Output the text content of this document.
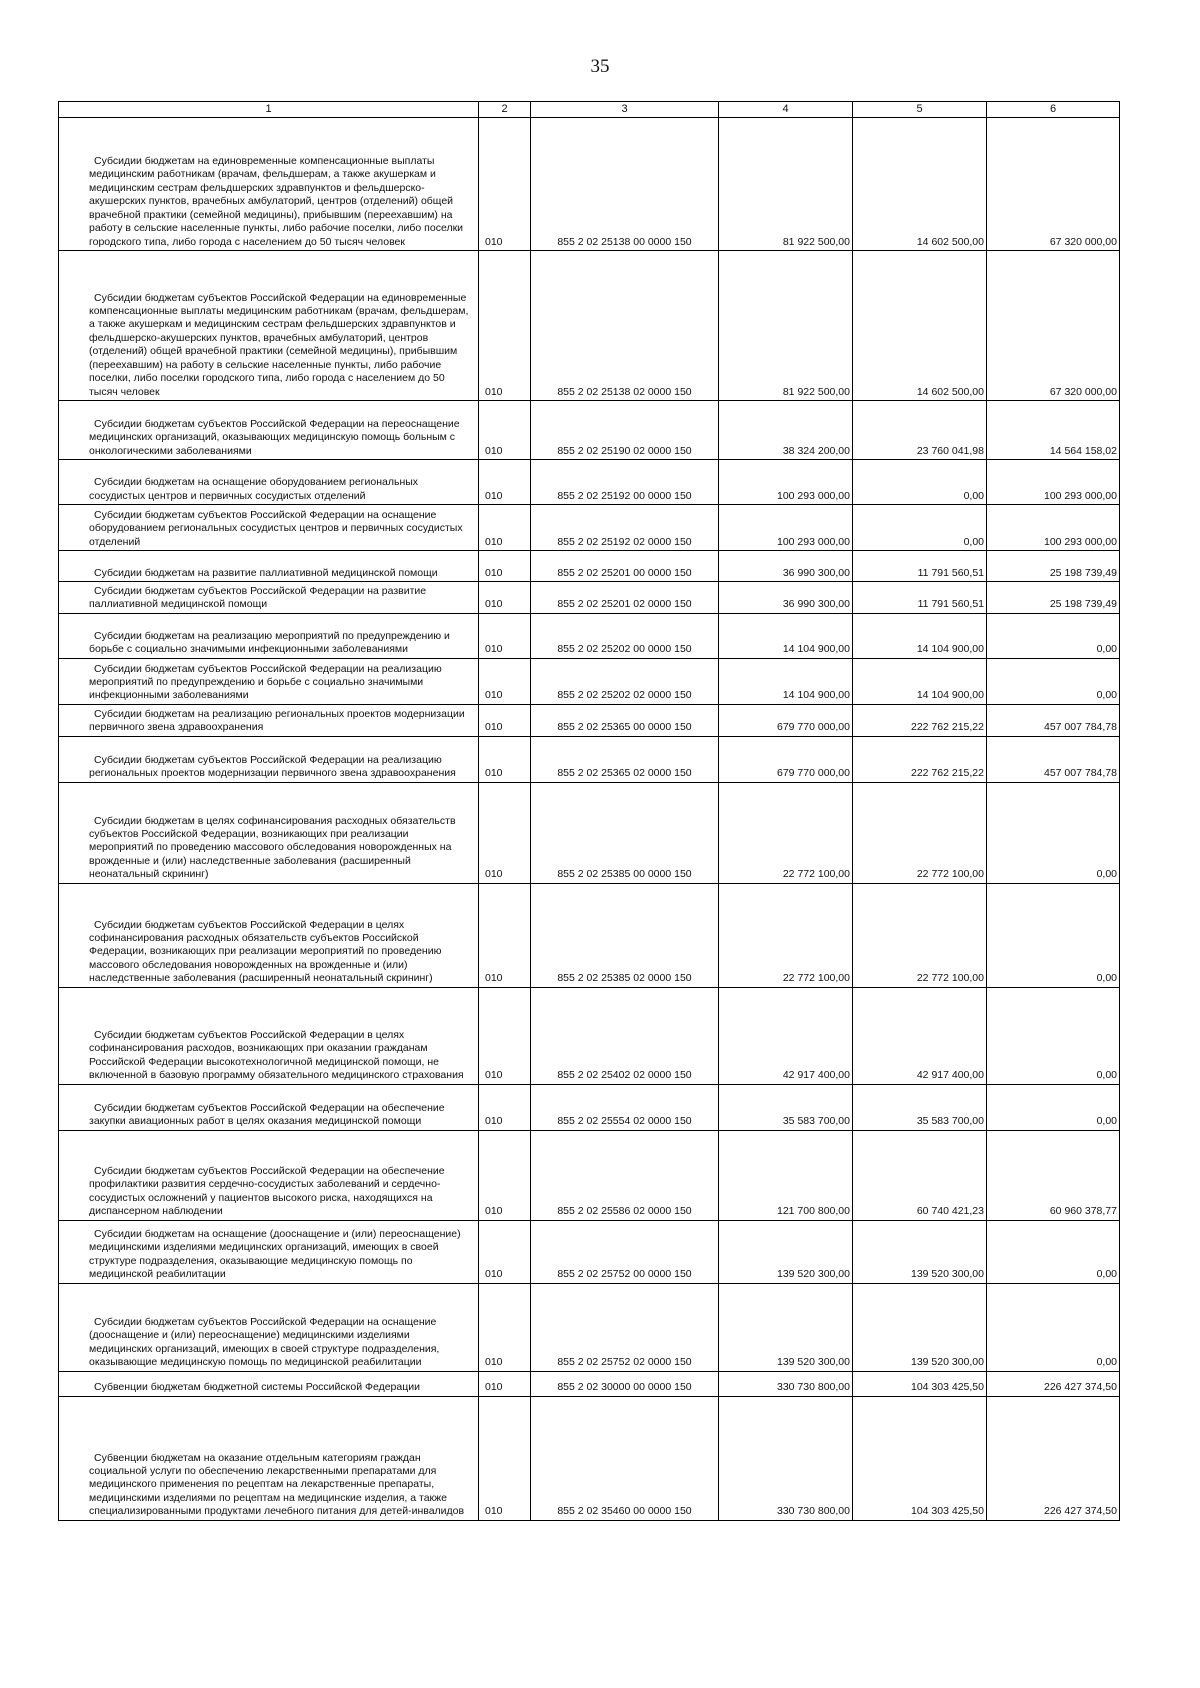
35
1	2	3	4	5	6
Субсидии бюджетам на единовременные компенсационные выплаты медицинским работникам (врачам, фельдшерам, а также акушеркам и медицинским сестрам фельдшерских здравпунктов и фельдшерско-акушерских пунктов, врачебных амбулаторий, центров (отделений) общей врачебной практики (семейной медицины), прибывшим (переехавшим) на работу в сельские населенные пункты, либо рабочие поселки, либо поселки городского типа, либо города с населением до 50 тысяч человек	010	855 2 02 25138 00 0000 150	81 922 500,00	14 602 500,00	67 320 000,00
Субсидии бюджетам субъектов Российской Федерации на единовременные компенсационные выплаты медицинским работникам (врачам, фельдшерам, а также акушеркам и медицинским сестрам фельдшерских здравпунктов и фельдшерско-акушерских пунктов, врачебных амбулаторий, центров (отделений) общей врачебной практики (семейной медицины), прибывшим (переехавшим) на работу в сельские населенные пункты, либо рабочие поселки, либо поселки городского типа, либо города с населением до 50 тысяч человек	010	855 2 02 25138 02 0000 150	81 922 500,00	14 602 500,00	67 320 000,00
Субсидии бюджетам субъектов Российской Федерации на переоснащение медицинских организаций, оказывающих медицинскую помощь больным с онкологическими заболеваниями	010	855 2 02 25190 02 0000 150	38 324 200,00	23 760 041,98	14 564 158,02
Субсидии бюджетам на оснащение оборудованием региональных сосудистых центров и первичных сосудистых отделений	010	855 2 02 25192 00 0000 150	100 293 000,00	0,00	100 293 000,00
Субсидии бюджетам субъектов Российской Федерации на оснащение оборудованием региональных сосудистых центров и первичных сосудистых отделений	010	855 2 02 25192 02 0000 150	100 293 000,00	0,00	100 293 000,00
Субсидии бюджетам на развитие паллиативной медицинской помощи	010	855 2 02 25201 00 0000 150	36 990 300,00	11 791 560,51	25 198 739,49
Субсидии бюджетам субъектов Российской Федерации на развитие паллиативной медицинской помощи	010	855 2 02 25201 02 0000 150	36 990 300,00	11 791 560,51	25 198 739,49
Субсидии бюджетам на реализацию мероприятий по предупреждению и борьбе с социально значимыми инфекционными заболеваниями	010	855 2 02 25202 00 0000 150	14 104 900,00	14 104 900,00	0,00
Субсидии бюджетам субъектов Российской Федерации на реализацию мероприятий по предупреждению и борьбе с социально значимыми инфекционными заболеваниями	010	855 2 02 25202 02 0000 150	14 104 900,00	14 104 900,00	0,00
Субсидии бюджетам на реализацию региональных проектов модернизации первичного звена здравоохранения	010	855 2 02 25365 00 0000 150	679 770 000,00	222 762 215,22	457 007 784,78
Субсидии бюджетам субъектов Российской Федерации на реализацию региональных проектов модернизации первичного звена здравоохранения	010	855 2 02 25365 02 0000 150	679 770 000,00	222 762 215,22	457 007 784,78
Субсидии бюджетам в целях софинансирования расходных обязательств субъектов Российской Федерации, возникающих при реализации мероприятий по проведению массового обследования новорожденных на врожденные и (или) наследственные заболевания (расширенный неонатальный скрининг)	010	855 2 02 25385 00 0000 150	22 772 100,00	22 772 100,00	0,00
Субсидии бюджетам субъектов Российской Федерации в целях софинансирования расходных обязательств субъектов Российской Федерации, возникающих при реализации мероприятий по проведению массового обследования новорожденных на врожденные и (или) наследственные заболевания (расширенный неонатальный скрининг)	010	855 2 02 25385 02 0000 150	22 772 100,00	22 772 100,00	0,00
Субсидии бюджетам субъектов Российской Федерации в целях софинансирования расходов, возникающих при оказании гражданам Российской Федерации высокотехнологичной медицинской помощи, не включенной в базовую программу обязательного медицинского страхования	010	855 2 02 25402 02 0000 150	42 917 400,00	42 917 400,00	0,00
Субсидии бюджетам субъектов Российской Федерации на обеспечение закупки авиационных работ в целях оказания медицинской помощи	010	855 2 02 25554 02 0000 150	35 583 700,00	35 583 700,00	0,00
Субсидии бюджетам субъектов Российской Федерации на обеспечение профилактики развития сердечно-сосудистых заболеваний и сердечно-сосудистых осложнений у пациентов высокого риска, находящихся на диспансерном наблюдении	010	855 2 02 25586 02 0000 150	121 700 800,00	60 740 421,23	60 960 378,77
Субсидии бюджетам на оснащение (дооснащение и (или) переоснащение) медицинскими изделиями медицинских организаций, имеющих в своей структуре подразделения, оказывающие медицинскую помощь по медицинской реабилитации	010	855 2 02 25752 00 0000 150	139 520 300,00	139 520 300,00	0,00
Субсидии бюджетам субъектов Российской Федерации на оснащение (дооснащение и (или) переоснащение) медицинскими изделиями медицинских организаций, имеющих в своей структуре подразделения, оказывающие медицинскую помощь по медицинской реабилитации	010	855 2 02 25752 02 0000 150	139 520 300,00	139 520 300,00	0,00
Субвенции бюджетам бюджетной системы Российской Федерации	010	855 2 02 30000 00 0000 150	330 730 800,00	104 303 425,50	226 427 374,50
Субвенции бюджетам на оказание отдельным категориям граждан социальной услуги по обеспечению лекарственными препаратами для медицинского применения по рецептам на лекарственные препараты, медицинскими изделиями по рецептам на медицинские изделия, а также специализированными продуктами лечебного питания для детей-инвалидов	010	855 2 02 35460 00 0000 150	330 730 800,00	104 303 425,50	226 427 374,50
